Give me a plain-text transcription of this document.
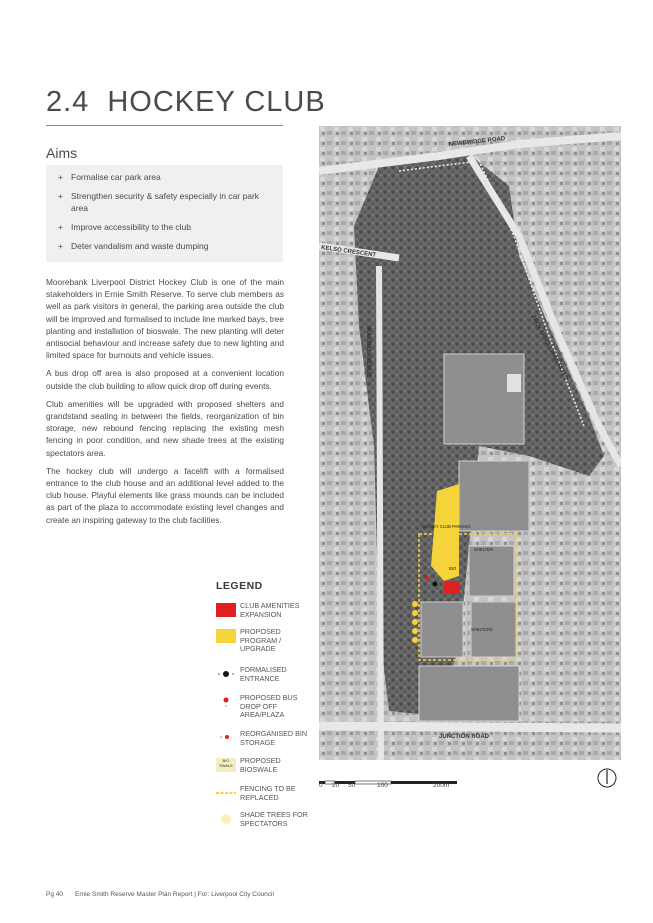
2.4 HOCKEY CLUB
Aims
+ Formalise car park area
+ Strengthen security & safety especially in car park area
+ Improve accessibility to the club
+ Deter vandalism and waste dumping

Moorebank Liverpool District Hockey Club is one of the main stakeholders in Ernie Smith Reserve. To serve club members as well as park visitors in general, the parking area outside the club will be improved and formalised to include line marked bays, tree planting and installation of bioswale. The new planting will deter antisocial behaviour and increase safety due to new lighting and limited space for burnouts and vehicle issues.

A bus drop off area is also proposed at a convenient location outside the club building to allow quick drop off during events.

Club amenities will be upgraded with proposed shelters and grandstand seating in between the fields, reorganization of bin storage, new rebound fencing replacing the existing mesh fencing in poor condition, and new shade trees at the existing spectators area.

The hockey club will undergo a facelift with a formalised entrance to the club house and an additional level added to the club house. Playful elements like grass mounds can be included as part of the plaza to accommodate existing level changes and create an inspiring gateway to the club facilities.

LEGEND
CLUB AMENITIES EXPANSION
PROPOSED PROGRAM / UPGRADE
FORMALISED ENTRANCE
PROPOSED BUS DROP OFF AREA/PLAZA
REORGANISED BIN STORAGE
BIO SWALE
PROPOSED BIOSWALE
FENCING TO BE REPLACED
SHADE TREES FOR SPECTATORS
NEWBRIDGE ROAD
KELSO CRESCENT
IRAKING AVENUE	JACK O'SULLIVAN ROAD
JUNCTION ROAD
HOCKEY CLUB PARKING
SHELTER
SHELTERS
BIO
0 20 50	100	200m
Pg 40 Ernie Smith Reserve Master Plan Report | For: Liverpool City Council
